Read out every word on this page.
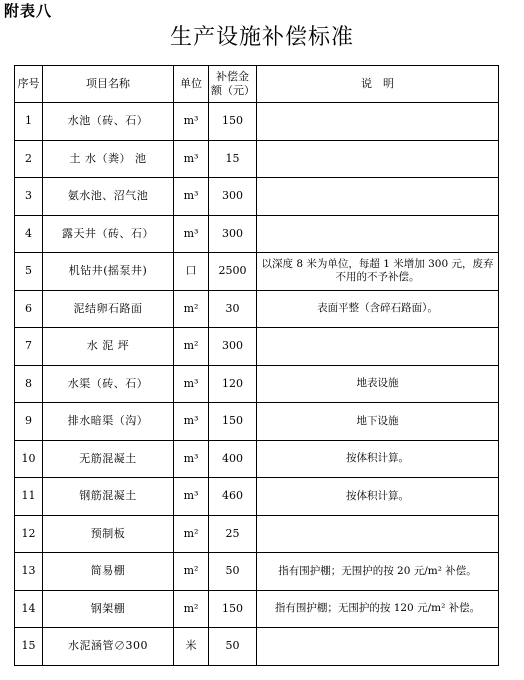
附表八
生产设施补偿标准
序号	项目名称	单位	补偿金额（元）	说　明
1	水池（砖、石）	m³	150	
2	土 水（粪） 池	m³	15	
3	氨水池、沼气池	m³	300	
4	露天井（砖、石）	m³	300	
5	机钻井(摇泵井)	口	2500	以深度 8 米为单位，每超 1 米增加 300 元，废弃不用的不予补偿。
6	泥结卵石路面	m²	30	表面平整（含碎石路面）。
7	水 泥 坪	m²	300	
8	水渠（砖、石）	m³	120	地表设施
9	排水暗渠（沟）	m³	150	地下设施
10	无筋混凝土	m³	400	按体积计算。
11	钢筋混凝土	m³	460	按体积计算。
12	预制板	m²	25	
13	简易棚	m²	50	指有围护棚；无围护的按 20 元/m² 补偿。
14	钢架棚	m²	150	指有围护棚；无围护的按 120 元/m² 补偿。
15	水泥涵管∅300	米	50	
